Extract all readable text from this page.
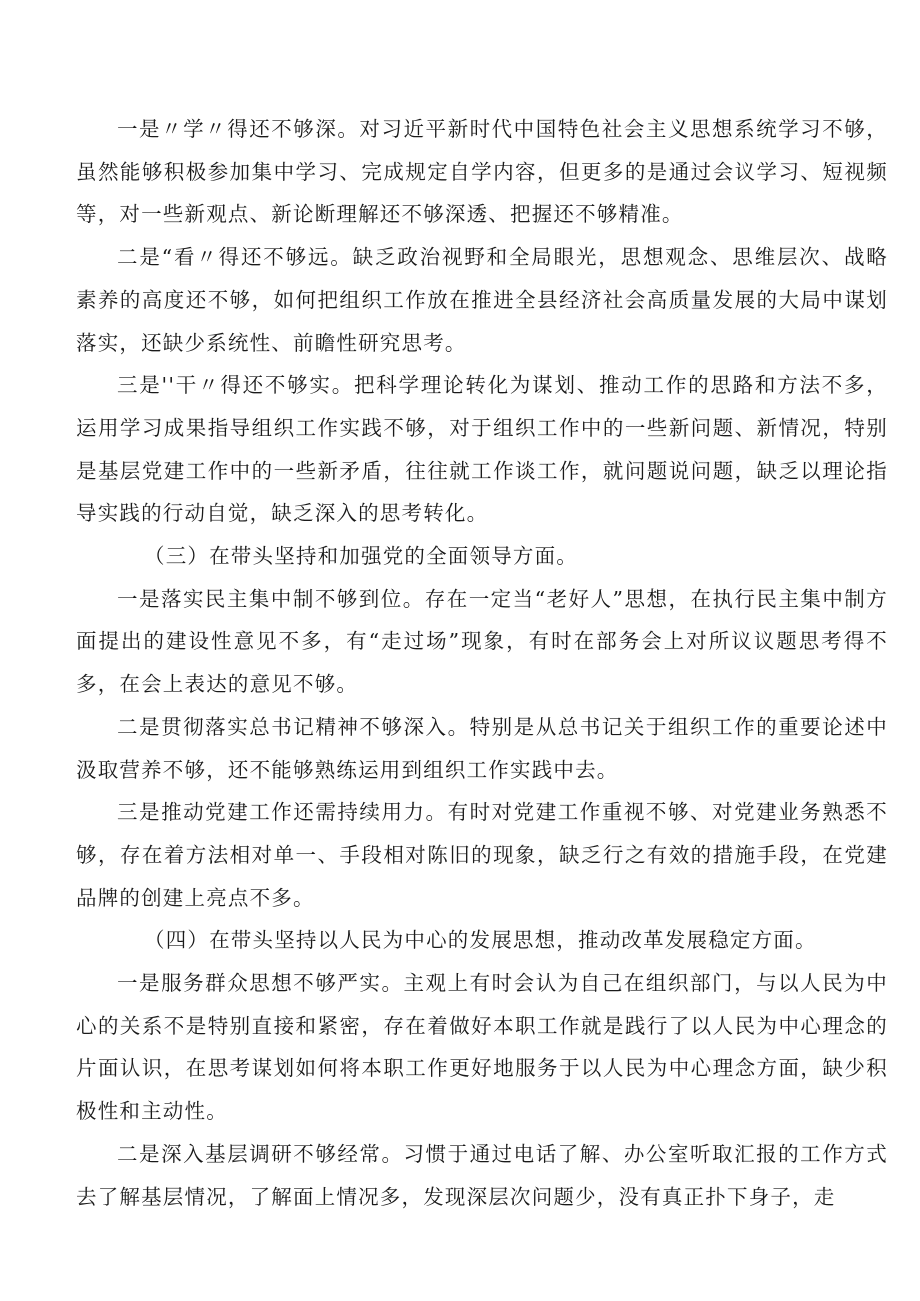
一是〃学〃得还不够深。对习近平新时代中国特色社会主义思想系统学习不够，虽然能够积极参加集中学习、完成规定自学内容，但更多的是通过会议学习、短视频等，对一些新观点、新论断理解还不够深透、把握还不够精准。

二是“看〃得还不够远。缺乏政治视野和全局眼光，思想观念、思维层次、战略素养的高度还不够，如何把组织工作放在推进全县经济社会高质量发展的大局中谋划落实，还缺少系统性、前瞻性研究思考。

三是''干〃得还不够实。把科学理论转化为谋划、推动工作的思路和方法不多，运用学习成果指导组织工作实践不够，对于组织工作中的一些新问题、新情况，特别是基层党建工作中的一些新矛盾，往往就工作谈工作，就问题说问题，缺乏以理论指导实践的行动自觉，缺乏深入的思考转化。

（三）在带头坚持和加强党的全面领导方面。

一是落实民主集中制不够到位。存在一定当“老好人”思想，在执行民主集中制方面提出的建设性意见不多，有“走过场”现象，有时在部务会上对所议议题思考得不多，在会上表达的意见不够。

二是贯彻落实总书记精神不够深入。特别是从总书记关于组织工作的重要论述中汲取营养不够，还不能够熟练运用到组织工作实践中去。

三是推动党建工作还需持续用力。有时对党建工作重视不够、对党建业务熟悉不够，存在着方法相对单一、手段相对陈旧的现象，缺乏行之有效的措施手段，在党建品牌的创建上亮点不多。

（四）在带头坚持以人民为中心的发展思想，推动改革发展稳定方面。

一是服务群众思想不够严实。主观上有时会认为自己在组织部门，与以人民为中心的关系不是特别直接和紧密，存在着做好本职工作就是践行了以人民为中心理念的片面认识，在思考谋划如何将本职工作更好地服务于以人民为中心理念方面，缺少积极性和主动性。

二是深入基层调研不够经常。习惯于通过电话了解、办公室听取汇报的工作方式去了解基层情况，了解面上情况多，发现深层次问题少，没有真正扑下身子，走
